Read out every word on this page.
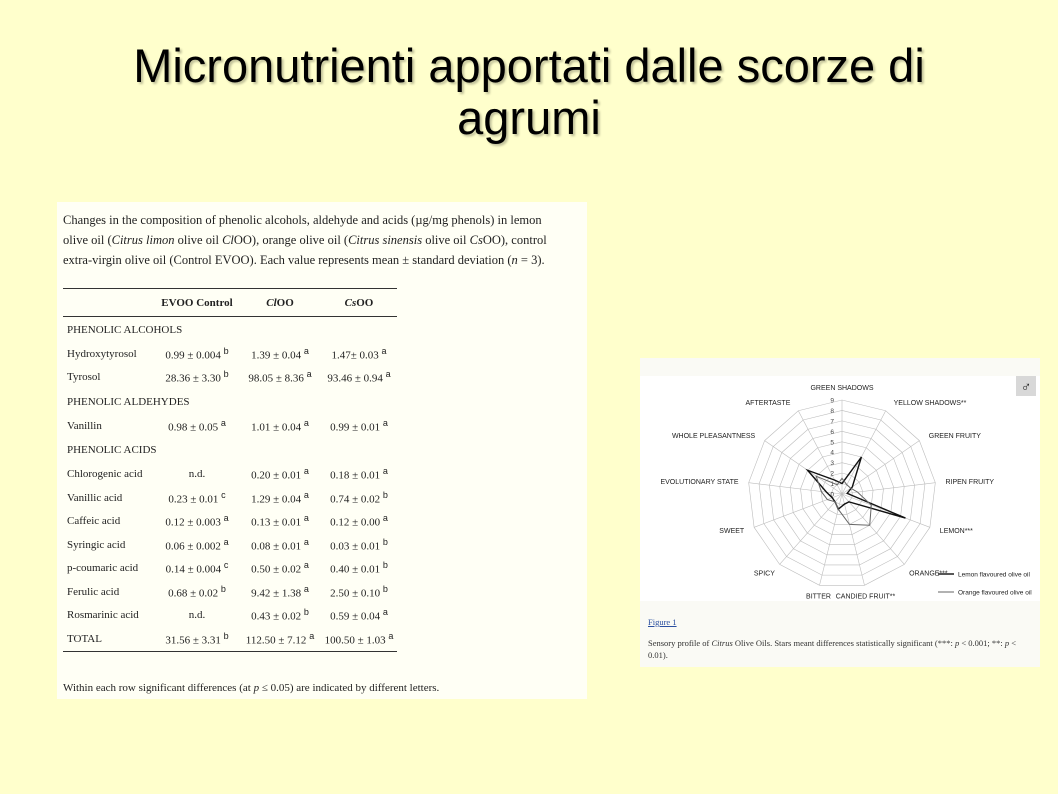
Micronutrienti apportati dalle scorze di
agrumi
Changes in the composition of phenolic alcohols, aldehyde and acids (µg/mg phenols) in lemon
olive oil (Citrus limon olive oil ClOO), orange olive oil (Citrus sinensis olive oil CsOO), control
extra-virgin olive oil (Control EVOO). Each value represents mean ± standard deviation (n = 3).
	EVOO Control	ClOO	CsOO
PHENOLIC ALCOHOLS			
Hydroxytyrosol	0.99 ± 0.004 $^b$	1.39 ± 0.04 $^a$	1.47± 0.03 $^a$
Tyrosol	28.36 ± 3.30 $^b$	98.05 ± 8.36 $^a$	93.46 ± 0.94 $^a$
PHENOLIC ALDEHYDES			
Vanillin	0.98 ± 0.05 $^a$	1.01 ± 0.04 $^a$	0.99 ± 0.01 $^a$
PHENOLIC ACIDS			
Chlorogenic acid	n.d.	0.20 ± 0.01 $^a$	0.18 ± 0.01 $^a$
Vanillic acid	0.23 ± 0.01 $^c$	1.29 ± 0.04 $^a$	0.74 ± 0.02 $^b$
Caffeic acid	0.12 ± 0.003 $^a$	0.13 ± 0.01 $^a$	0.12 ± 0.00 $^a$
Syringic acid	0.06 ± 0.002 $^a$	0.08 ± 0.01 $^a$	0.03 ± 0.01 $^b$
p-coumaric acid	0.14 ± 0.004 $^c$	0.50 ± 0.02 $^a$	0.40 ± 0.01 $^b$
Ferulic acid	0.68 ± 0.02 $^b$	9.42 ± 1.38 $^a$	2.50 ± 0.10 $^b$
Rosmarinic acid	n.d.	0.43 ± 0.02 $^b$	0.59 ± 0.04 $^a$
TOTAL	31.56 ± 3.31 $^b$	112.50 ± 7.12 $^a$	100.50 ± 1.03 $^a$
Within each row significant differences (at p ≤ 0.05) are indicated by different letters.
0
1
2
3
4
5
6
7
8
9
GREEN SHADOWS
YELLOW SHADOWS**
GREEN FRUITY
RIPEN FRUITY
LEMON***
ORANGE***
CANDIED FRUIT**
BITTER
SPICY
SWEET
EVOLUTIONARY STATE
WHOLE PLEASANTNESS
AFTERTASTE
Lemon flavoured olive oil
Orange flavoured olive oil
♂
Figure 1
Sensory profile of Citrus Olive Oils. Stars meant differences statistically significant (***: p < 0.001; **: p <
0.01).
